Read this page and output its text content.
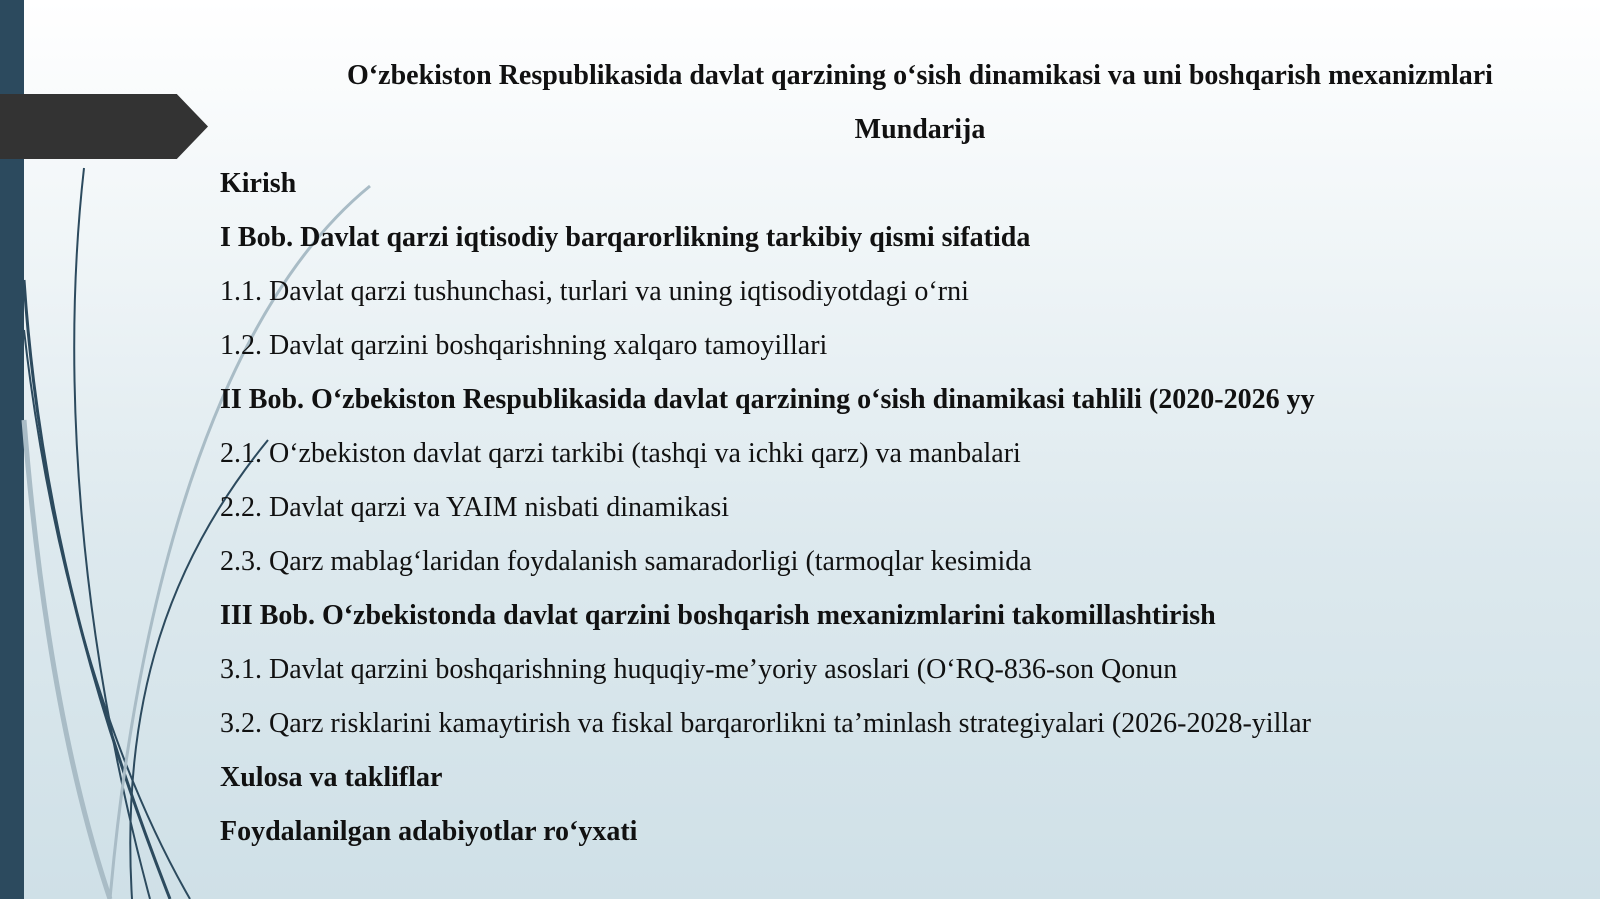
O‘zbekiston Respublikasida davlat qarzining o‘sish dinamikasi va uni boshqarish mexanizmlari
Mundarija
Kirish
I Bob. Davlat qarzi iqtisodiy barqarorlikning tarkibiy qismi sifatida
1.1. Davlat qarzi tushunchasi, turlari va uning iqtisodiyotdagi o‘rni
1.2. Davlat qarzini boshqarishning xalqaro tamoyillari
II Bob. O‘zbekiston Respublikasida davlat qarzining o‘sish dinamikasi tahlili (2020-2026 yy
2.1. O‘zbekiston davlat qarzi tarkibi (tashqi va ichki qarz) va manbalari
2.2. Davlat qarzi va YAIM nisbati dinamikasi
2.3. Qarz mablag‘laridan foydalanish samaradorligi (tarmoqlar kesimida
III Bob. O‘zbekistonda davlat qarzini boshqarish mexanizmlarini takomillashtirish
3.1. Davlat qarzini boshqarishning huquqiy-me’yoriy asoslari (O‘RQ-836-son Qonun
3.2. Qarz risklarini kamaytirish va fiskal barqarorlikni ta’minlash strategiyalari (2026-2028-yillar
Xulosa va takliflar
Foydalanilgan adabiyotlar ro‘yxati
